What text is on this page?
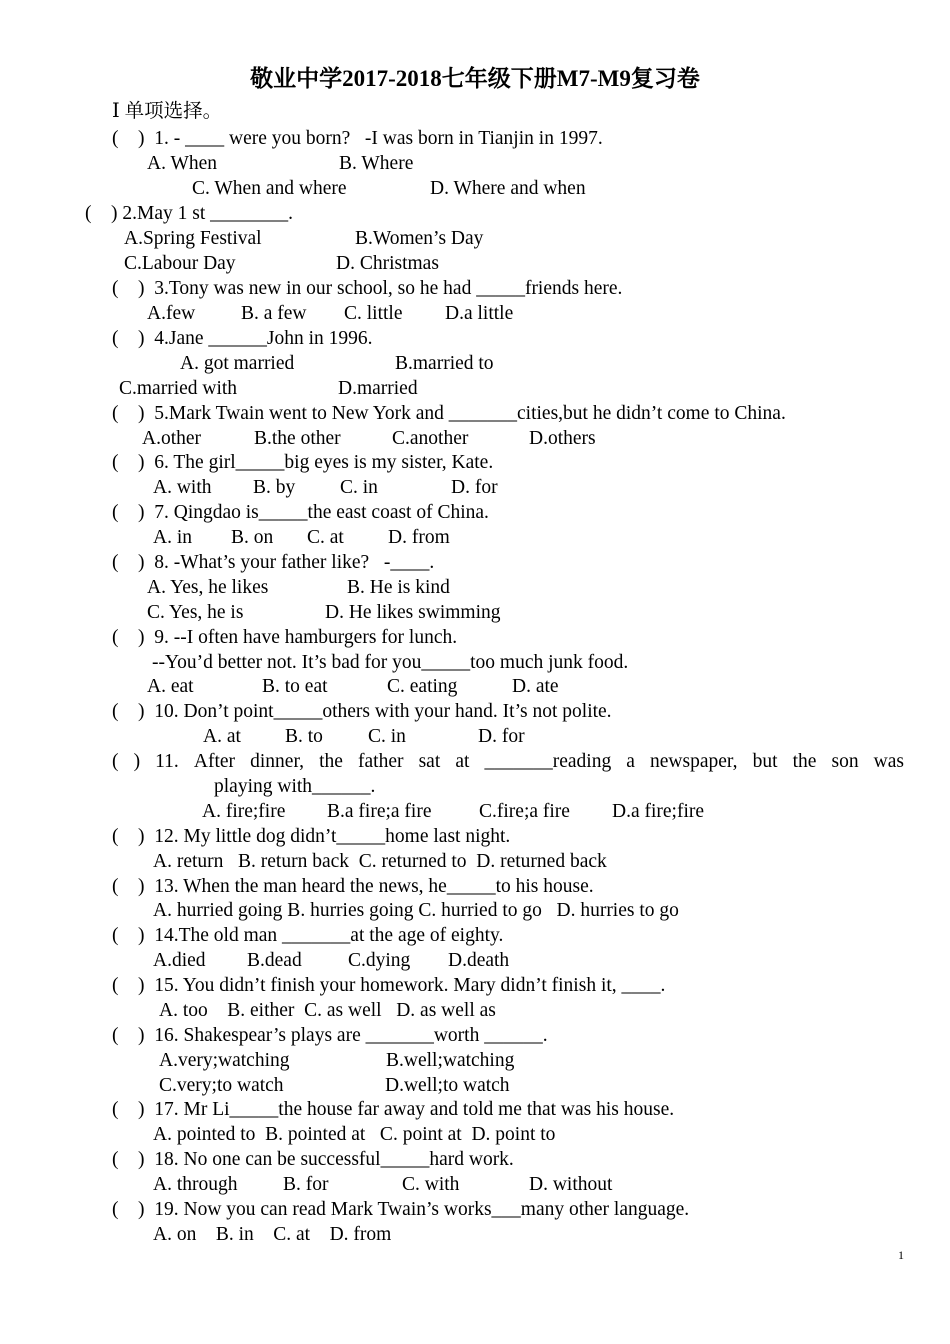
敬业中学2017-2018七年级下册M7-M9复习卷
Ⅰ 单项选择。
(    )  1. - ____ were you born?   -I was born in Tianjin in 1997.
A. When	B. Where
C. When and where	D. Where and when
(    ) 2.May 1 st ________.
A.Spring Festival	B.Women’s Day
C.Labour Day	D. Christmas
(    )  3.Tony was new in our school, so he had _____friends here.
A.few B. a few C. little D.a little
(    )  4.Jane ______John in 1996.
A. got married	B.married to
C.married with	D.married
(    )  5.Mark Twain went to New York and _______cities,but he didn’t come to China.
A.other	B.the other	C.another	D.others
(    )  6. The girl_____big eyes is my sister, Kate.
A. with B. by C. in	D. for
(    )  7. Qingdao is_____the east coast of China.
A. in B. on C. at D. from
(    )  8. -What’s your father like?   -____.
A. Yes, he likes	B. He is kind
C. Yes, he is	D. He likes swimming
(    )  9. --I often have hamburgers for lunch.
--You’d better not. It’s bad for you_____too much junk food.
A. eat	B. to eat	C. eating	D. ate
(    )  10. Don’t point_____others with your hand. It’s not polite.
A. at B. to C. in	D. for
( ) 11. After dinner, the father sat at _______reading a newspaper, but the son was
playing with______.
A. fire;fire B.a fire;a fire C.fire;a fire D.a fire;fire
(    )  12. My little dog didn’t_____home last night.
A. return   B. return back  C. returned to  D. returned back
(    )  13. When the man heard the news, he_____to his house.
A. hurried going B. hurries going C. hurried to go   D. hurries to go
(    )  14.The old man _______at the age of eighty.
A.died B.dead C.dying D.death
(    )  15. You didn’t finish your homework. Mary didn’t finish it, ____.
A. too    B. either  C. as well   D. as well as
(    )  16. Shakespear’s plays are _______worth ______.
A.very;watching	B.well;watching
C.very;to watch	D.well;to watch
(    )  17. Mr Li_____the house far away and told me that was his house.
A. pointed to  B. pointed at   C. point at  D. point to
(    )  18. No one can be successful_____hard work.
A. through B. for	C. with	D. without
(    )  19. Now you can read Mark Twain’s works___many other language.
A. on    B. in    C. at    D. from
1
